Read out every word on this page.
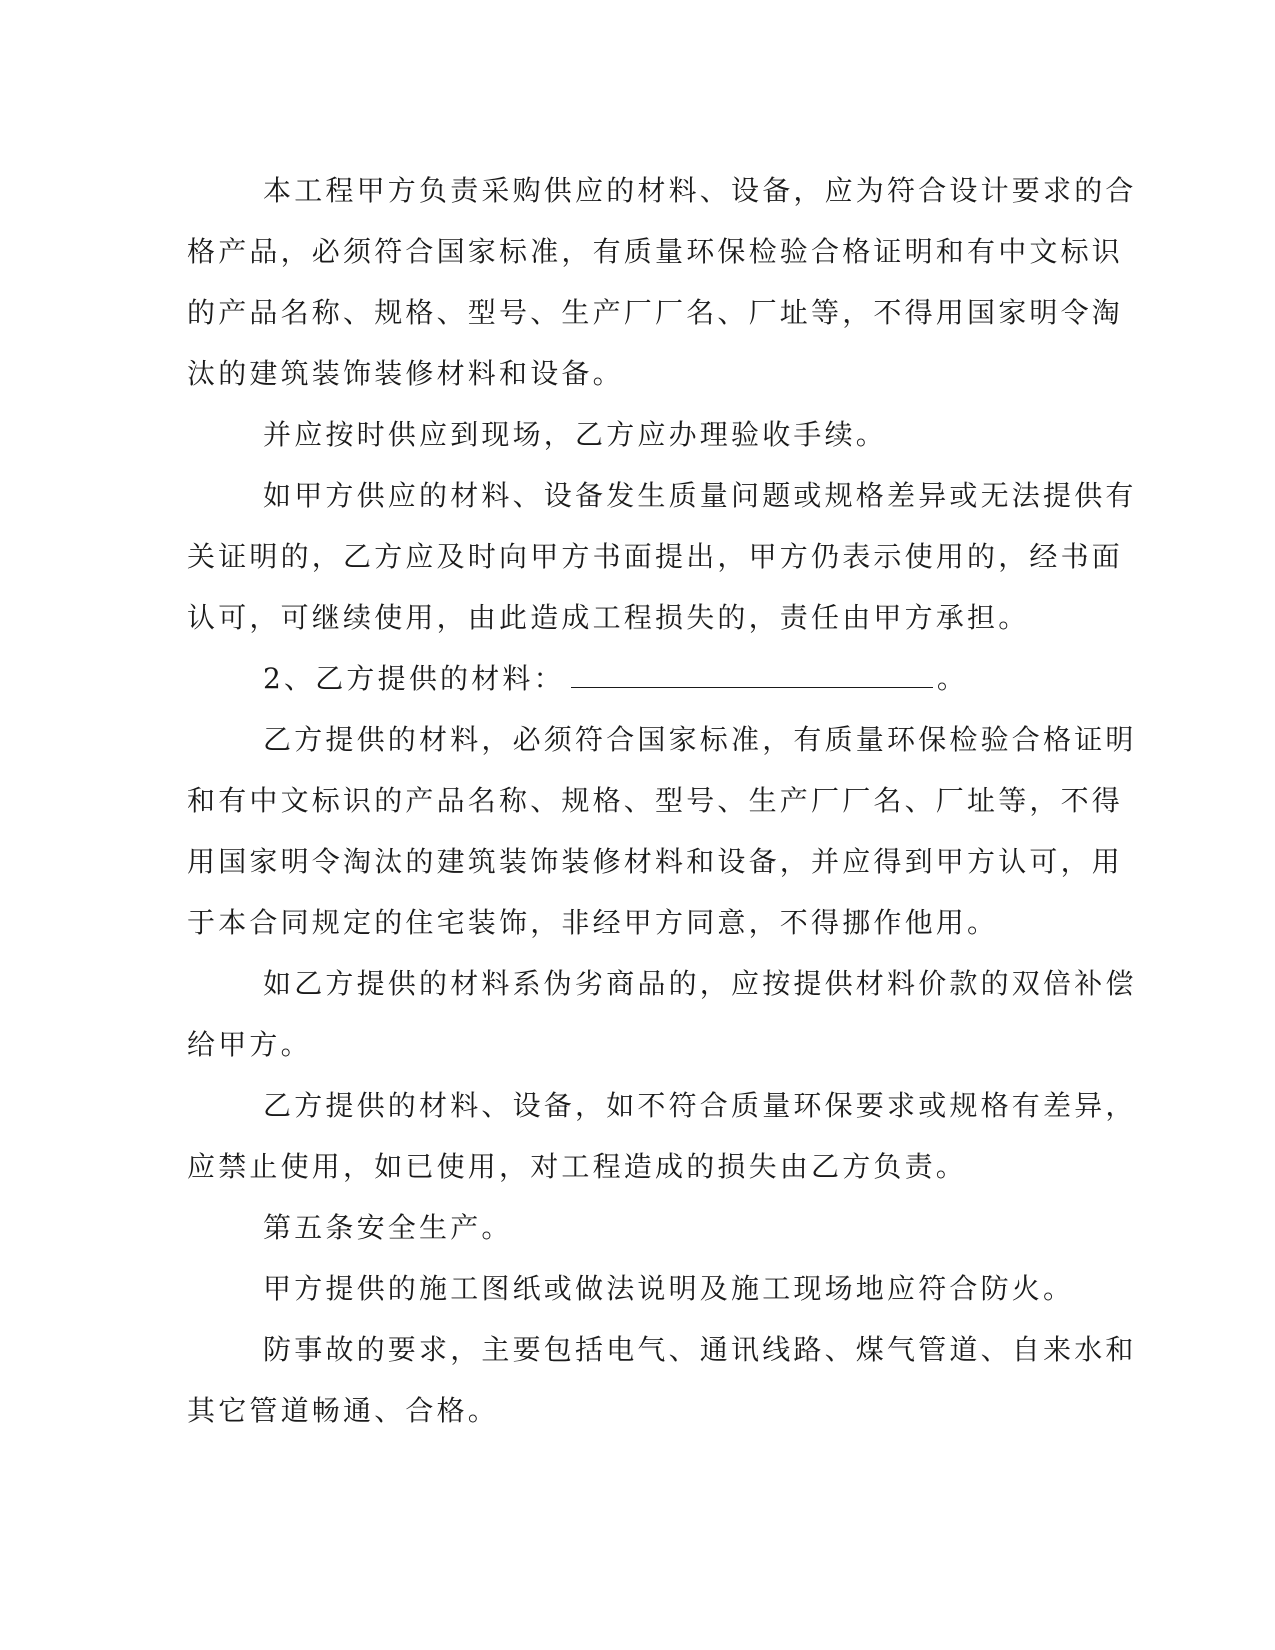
本工程甲方负责采购供应的材料、设备，应为符合设计要求的合
格产品，必须符合国家标准，有质量环保检验合格证明和有中文标识
的产品名称、规格、型号、生产厂厂名、厂址等，不得用国家明令淘
汰的建筑装饰装修材料和设备。
并应按时供应到现场，乙方应办理验收手续。
如甲方供应的材料、设备发生质量问题或规格差异或无法提供有
关证明的，乙方应及时向甲方书面提出，甲方仍表示使用的，经书面
认可，可继续使用，由此造成工程损失的，责任由甲方承担。
2、乙方提供的材料：	。
乙方提供的材料，必须符合国家标准，有质量环保检验合格证明
和有中文标识的产品名称、规格、型号、生产厂厂名、厂址等，不得
用国家明令淘汰的建筑装饰装修材料和设备，并应得到甲方认可，用
于本合同规定的住宅装饰，非经甲方同意，不得挪作他用。
如乙方提供的材料系伪劣商品的，应按提供材料价款的双倍补偿
给甲方。
乙方提供的材料、设备，如不符合质量环保要求或规格有差异，
应禁止使用，如已使用，对工程造成的损失由乙方负责。
第五条安全生产。
甲方提供的施工图纸或做法说明及施工现场地应符合防火。
防事故的要求，主要包括电气、通讯线路、煤气管道、自来水和
其它管道畅通、合格。
